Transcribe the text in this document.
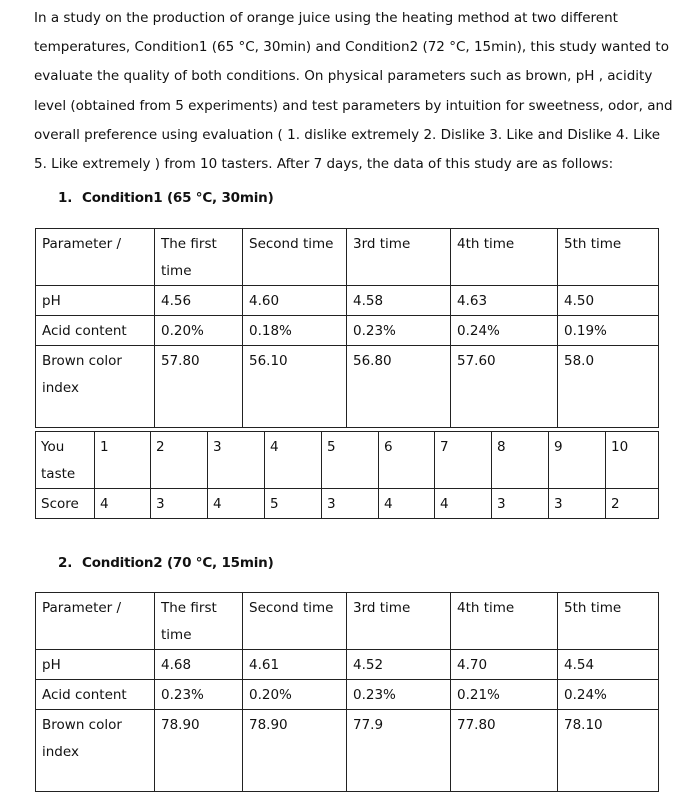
In a study on the production of orange juice using the heating method at two different temperatures, Condition1 (65 °C, 30min) and Condition2 (72 °C, 15min), this study wanted to evaluate the quality of both conditions. On physical parameters such as brown, pH , acidity level (obtained from 5 experiments) and test parameters by intuition for sweetness, odor, and overall preference using evaluation ( 1. dislike extremely 2. Dislike 3. Like and Dislike 4. Like 5. Like extremely ) from 10 tasters. After 7 days, the data of this study are as follows:

1. Condition1 (65 °C, 30min)
Parameter /	The first time	Second time	3rd time	4th time	5th time
pH	4.56	4.60	4.58	4.63	4.50
Acid content	0.20%	0.18%	0.23%	0.24%	0.19%
Brown color index	57.80	56.10	56.80	57.60	58.0
You taste	1	2	3	4	5	6	7	8	9	10
Score	4	3	4	5	3	4	4	3	3	2
2. Condition2 (70 °C, 15min)
Parameter /	The first time	Second time	3rd time	4th time	5th time
pH	4.68	4.61	4.52	4.70	4.54
Acid content	0.23%	0.20%	0.23%	0.21%	0.24%
Brown color index	78.90	78.90	77.9	77.80	78.10
